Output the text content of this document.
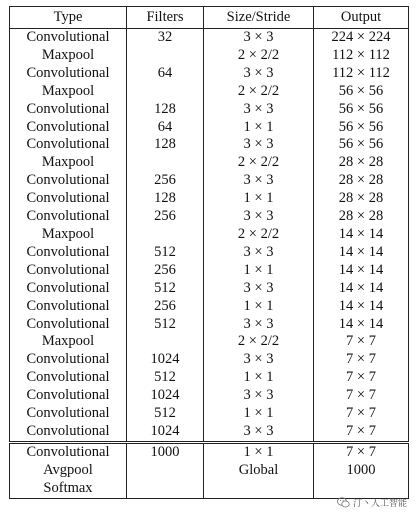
Type	Filters	Size/Stride	Output
Convolutional	32	3 × 3	224 × 224
Maxpool		2 × 2/2	112 × 112
Convolutional	64	3 × 3	112 × 112
Maxpool		2 × 2/2	56 × 56
Convolutional	128	3 × 3	56 × 56
Convolutional	64	1 × 1	56 × 56
Convolutional	128	3 × 3	56 × 56
Maxpool		2 × 2/2	28 × 28
Convolutional	256	3 × 3	28 × 28
Convolutional	128	1 × 1	28 × 28
Convolutional	256	3 × 3	28 × 28
Maxpool		2 × 2/2	14 × 14
Convolutional	512	3 × 3	14 × 14
Convolutional	256	1 × 1	14 × 14
Convolutional	512	3 × 3	14 × 14
Convolutional	256	1 × 1	14 × 14
Convolutional	512	3 × 3	14 × 14
Maxpool		2 × 2/2	7 × 7
Convolutional	1024	3 × 3	7 × 7
Convolutional	512	1 × 1	7 × 7
Convolutional	1024	3 × 3	7 × 7
Convolutional	512	1 × 1	7 × 7
Convolutional	1024	3 × 3	7 × 7
Convolutional	1000	1 × 1	7 × 7
Avgpool		Global	1000
Softmax			
汀丶人工智能
